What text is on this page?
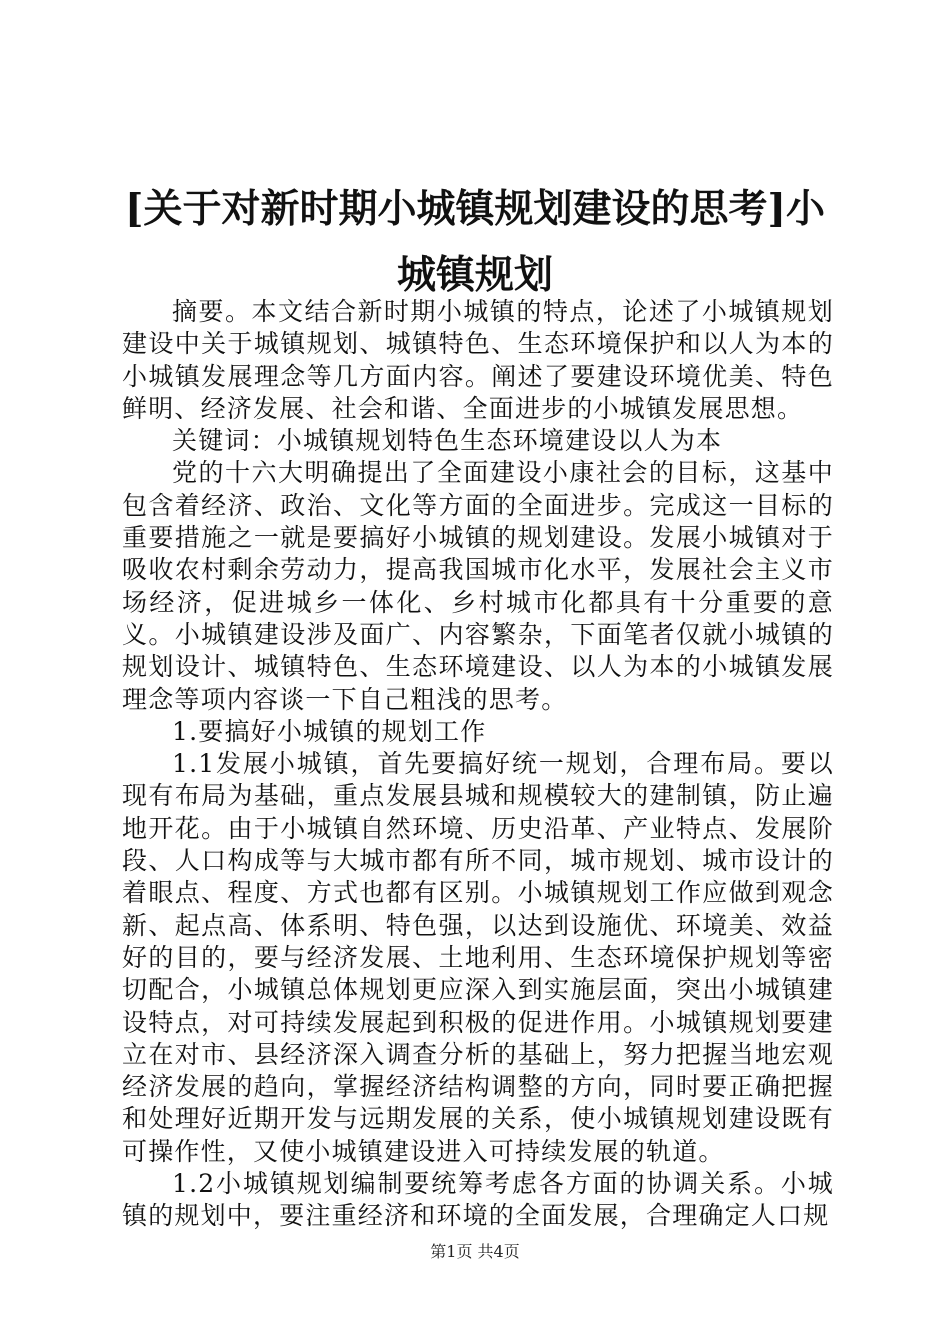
[关于对新时期小城镇规划建设的思考]小城镇规划

摘要。本文结合新时期小城镇的特点，论述了小城镇规划建设中关于城镇规划、城镇特色、生态环境保护和以人为本的小城镇发展理念等几方面内容。阐述了要建设环境优美、特色鲜明、经济发展、社会和谐、全面进步的小城镇发展思想。

关键词：小城镇规划特色生态环境建设以人为本

党的十六大明确提出了全面建设小康社会的目标，这基中包含着经济、政治、文化等方面的全面进步。完成这一目标的重要措施之一就是要搞好小城镇的规划建设。发展小城镇对于吸收农村剩余劳动力，提高我国城市化水平，发展社会主义市场经济，促进城乡一体化、乡村城市化都具有十分重要的意义。小城镇建设涉及面广、内容繁杂，下面笔者仅就小城镇的规划设计、城镇特色、生态环境建设、以人为本的小城镇发展理念等项内容谈一下自己粗浅的思考。

1.要搞好小城镇的规划工作

1.1发展小城镇，首先要搞好统一规划，合理布局。要以现有布局为基础，重点发展县城和规模较大的建制镇，防止遍地开花。由于小城镇自然环境、历史沿革、产业特点、发展阶段、人口构成等与大城市都有所不同，城市规划、城市设计的着眼点、程度、方式也都有区别。小城镇规划工作应做到观念新、起点高、体系明、特色强，以达到设施优、环境美、效益好的目的，要与经济发展、土地利用、生态环境保护规划等密切配合，小城镇总体规划更应深入到实施层面，突出小城镇建设特点，对可持续发展起到积极的促进作用。小城镇规划要建立在对市、县经济深入调查分析的基础上，努力把握当地宏观经济发展的趋向，掌握经济结构调整的方向，同时要正确把握和处理好近期开发与远期发展的关系，使小城镇规划建设既有可操作性，又使小城镇建设进入可持续发展的轨道。

1.2小城镇规划编制要统筹考虑各方面的协调关系。小城镇的规划中，要注重经济和环境的全面发展，合理确定人口规

第1页 共4页
